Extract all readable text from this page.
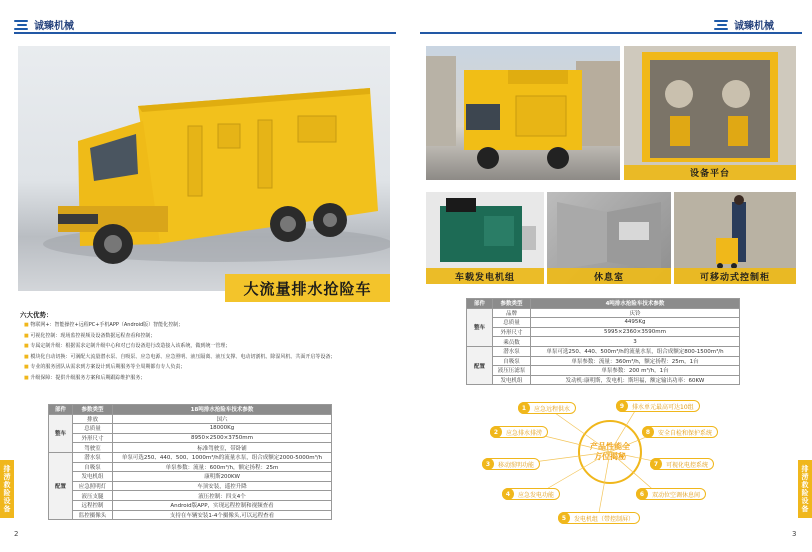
诚臻机械	诚臻机械
大流量排水抢险车
六大优势：
■ 物联网+：智能操控+远程PC+手机APP（Android版）智能化控制；
■ 可视化控制：现场监控视频及设备数据远程查看和控制；
■ 专属定制升级：根据需求定制升级中心和对已有设备进行改造接入该系统，做到统一管理；
■ 模块化自动切换：可满配大流量潜水泵、自吸泵、应急电源、应急照明、液压隔离、液压支撑、电动切割机、除湿风机、共面开启等设备；
■ 专业的服务团队从需求到方案设计到后期服务等全周期都有专人负责；
■ 升级保障：提供升级服务方案和后期跟踪维护服务；
部件	参数类型	18吨排水抢险车技术参数
整车	排放	国六
	总质量	18000Kg
	外形尺寸	8950×2500×3750mm
	驾驶室	标准驾驶室，带卧铺
配置	潜水泵	单泵可选250、440、500、1000m³/h的流量水泵，组合成额定2000-5000m³/h
	自吸泵	单泵参数：流量：600m³/h，额定扬程：25m
	发电机组	康明斯200KW
	应急照明灯	车顶安装，遥控升降
	液压支腿	液压控制：四支4个
	远程控制	Android版APP，实现远程控制和视频查看
	监控摄像头	支持在车辆安装1-4个摄像头,可以远程查看
排涝救险设备
2
排涝救险设备
3
设备平台
车载发电机组	休息室	可移动式控制柜
部件	参数类型	4吨排水抢险车技术参数
整车	品牌	庆铃
	总质量	4495Kg
	外形尺寸	5995×2360×3590mm
	乘员数	3
配置	潜水泵	单泵可选250、440、500m³/h的流量水泵，组合成额定800-1500m³/h
	自吸泵	单泵参数：流量：360m³/h，额定扬程：25m，1台
	液压压滤泵	单泵参数：200 m³/h，1台
	发电机组	发动机:康明斯，发电机：斯坦福，额定输出功率：60KW
产品性能全方位揭秘
1	应急远程供水
2	应急排水排涝
3	移动照明功能
4	应急发电功能
5	发电机组（带控制屏）
6	双动位空调休息间
7	可视化电控系统
8	安全自检和保护系统
9	排水单元最高可达10组
